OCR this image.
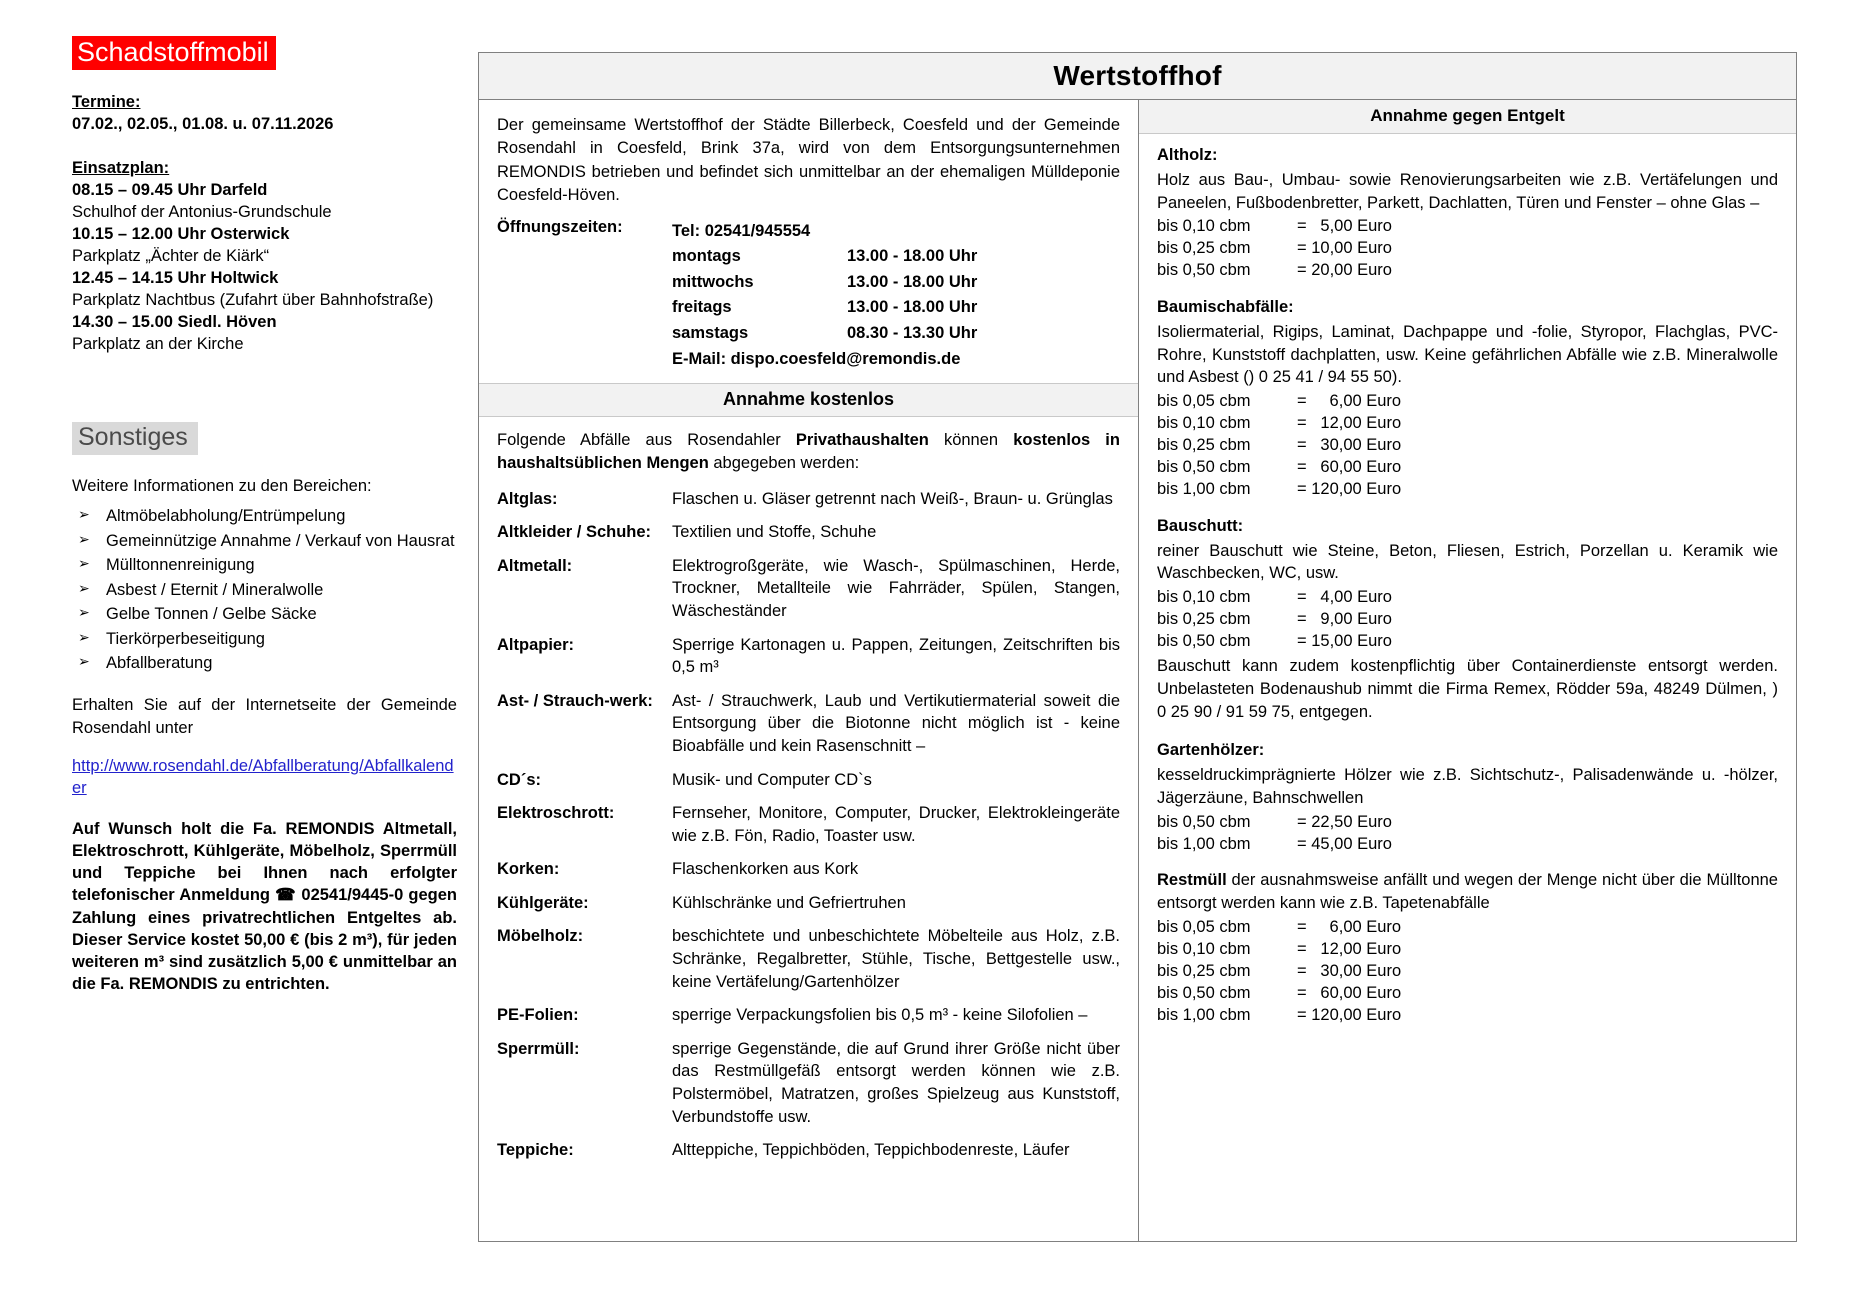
Schadstoffmobil
Termine:
07.02., 02.05., 01.08. u. 07.11.2026
Einsatzplan:
08.15 – 09.45 Uhr Darfeld
Schulhof der Antonius-Grundschule
10.15 – 12.00 Uhr Osterwick
Parkplatz „Ächter de Kiärk“
12.45 – 14.15 Uhr Holtwick
Parkplatz Nachtbus (Zufahrt über Bahnhofstraße)
14.30 – 15.00 Siedl. Höven
Parkplatz an der Kirche
Sonstiges
Weitere Informationen zu den Bereichen:
➢ Altmöbelabholung/Entrümpelung
➢ Gemeinnützige Annahme / Verkauf von Hausrat
➢ Mülltonnenreinigung
➢ Asbest / Eternit / Mineralwolle
➢ Gelbe Tonnen / Gelbe Säcke
➢ Tierkörperbeseitigung
➢ Abfallberatung
Erhalten Sie auf der Internetseite der Gemeinde Rosendahl unter
http://www.rosendahl.de/Abfallberatung/Abfallkalender
Auf Wunsch holt die Fa. REMONDIS Altmetall, Elektroschrott, Kühlgeräte, Möbelholz, Sperrmüll und Teppiche bei Ihnen nach erfolgter telefonischer Anmeldung ☎ 02541/9445-0 gegen Zahlung eines privatrechtlichen Entgeltes ab. Dieser Service kostet 50,00 € (bis 2 m³), für jeden weiteren m³ sind zusätzlich 5,00 € unmittelbar an die Fa. REMONDIS zu entrichten.
Wertstoffhof
Der gemeinsame Wertstoffhof der Städte Billerbeck, Coesfeld und der Gemeinde Rosendahl in Coesfeld, Brink 37a, wird von dem Entsorgungsunternehmen REMONDIS betrieben und befindet sich unmittelbar an der ehemaligen Mülldeponie Coesfeld-Höven.
Öffnungszeiten:	Tel: 02541/945554
montags	13.00 - 18.00 Uhr
mittwochs	13.00 - 18.00 Uhr
freitags	13.00 - 18.00 Uhr
samstags	08.30 - 13.30 Uhr
E-Mail: dispo.coesfeld@remondis.de
Annahme kostenlos
Folgende Abfälle aus Rosendahler Privathaushalten können kostenlos in haushaltsüblichen Mengen abgegeben werden:
Altglas:	Flaschen u. Gläser getrennt nach Weiß-, Braun- u. Grünglas
Altkleider / Schuhe:	Textilien und Stoffe, Schuhe
Altmetall:	Elektrogroßgeräte, wie Wasch-, Spülmaschinen, Herde, Trockner, Metallteile wie Fahrräder, Spülen, Stangen, Wäscheständer
Altpapier:	Sperrige Kartonagen u. Pappen, Zeitungen, Zeitschriften bis 0,5 m³
Ast- / Strauch-werk:	Ast- / Strauchwerk, Laub und Vertikutiermaterial soweit die Entsorgung über die Biotonne nicht möglich ist - keine Bioabfälle und kein Rasenschnitt –
CD´s:	Musik- und Computer CD`s
Elektroschrott:	Fernseher, Monitore, Computer, Drucker, Elektrokleingeräte wie z.B. Fön, Radio, Toaster usw.
Korken:	Flaschenkorken aus Kork
Kühlgeräte:	Kühlschränke und Gefriertruhen
Möbelholz:	beschichtete und unbeschichtete Möbelteile aus Holz, z.B. Schränke, Regalbretter, Stühle, Tische, Bettgestelle usw., keine Vertäfelung/Gartenhölzer
PE-Folien:	sperrige Verpackungsfolien bis 0,5 m³ - keine Silofolien –
Sperrmüll:	sperrige Gegenstände, die auf Grund ihrer Größe nicht über das Restmüllgefäß entsorgt werden können wie z.B. Polstermöbel, Matratzen, großes Spielzeug aus Kunststoff, Verbundstoffe usw.
Teppiche:	Altteppiche, Teppichböden, Teppichbodenreste, Läufer
Annahme gegen Entgelt
Altholz:

Holz aus Bau-, Umbau- sowie Renovierungsarbeiten wie z.B. Vertäfelungen und Paneelen, Fußbodenbretter, Parkett, Dachlatten, Türen und Fenster – ohne Glas –

bis 0,10 cbm	=   5,00 Euro
bis 0,25 cbm	= 10,00 Euro
bis 0,50 cbm	= 20,00 Euro
Baumischabfälle:

Isoliermaterial, Rigips, Laminat, Dachpappe und -folie, Styropor, Flachglas, PVC-Rohre, Kunststoff dachplatten, usw. Keine gefährlichen Abfälle wie z.B. Mineralwolle und Asbest () 0 25 41 / 94 55 50).

bis 0,05 cbm	=     6,00 Euro
bis 0,10 cbm	=   12,00 Euro
bis 0,25 cbm	=   30,00 Euro
bis 0,50 cbm	=   60,00 Euro
bis 1,00 cbm	= 120,00 Euro
Bauschutt:

reiner Bauschutt wie Steine, Beton, Fliesen, Estrich, Porzellan u. Keramik wie Waschbecken, WC, usw.

bis 0,10 cbm	=   4,00 Euro
bis 0,25 cbm	=   9,00 Euro
bis 0,50 cbm	= 15,00 Euro

Bauschutt kann zudem kostenpflichtig über Containerdienste entsorgt werden. Unbelasteten Bodenaushub nimmt die Firma Remex, Rödder 59a, 48249 Dülmen, ) 0 25 90 / 91 59 75, entgegen.

Gartenhölzer:

kesseldruckimprägnierte Hölzer wie z.B. Sichtschutz-, Palisadenwände u. -hölzer, Jägerzäune, Bahnschwellen

bis 0,50 cbm	= 22,50 Euro
bis 1,00 cbm	= 45,00 Euro

Restmüll der ausnahmsweise anfällt und wegen der Menge nicht über die Mülltonne entsorgt werden kann wie z.B. Tapetenabfälle

bis 0,05 cbm	=     6,00 Euro
bis 0,10 cbm	=   12,00 Euro
bis 0,25 cbm	=   30,00 Euro
bis 0,50 cbm	=   60,00 Euro
bis 1,00 cbm	= 120,00 Euro
